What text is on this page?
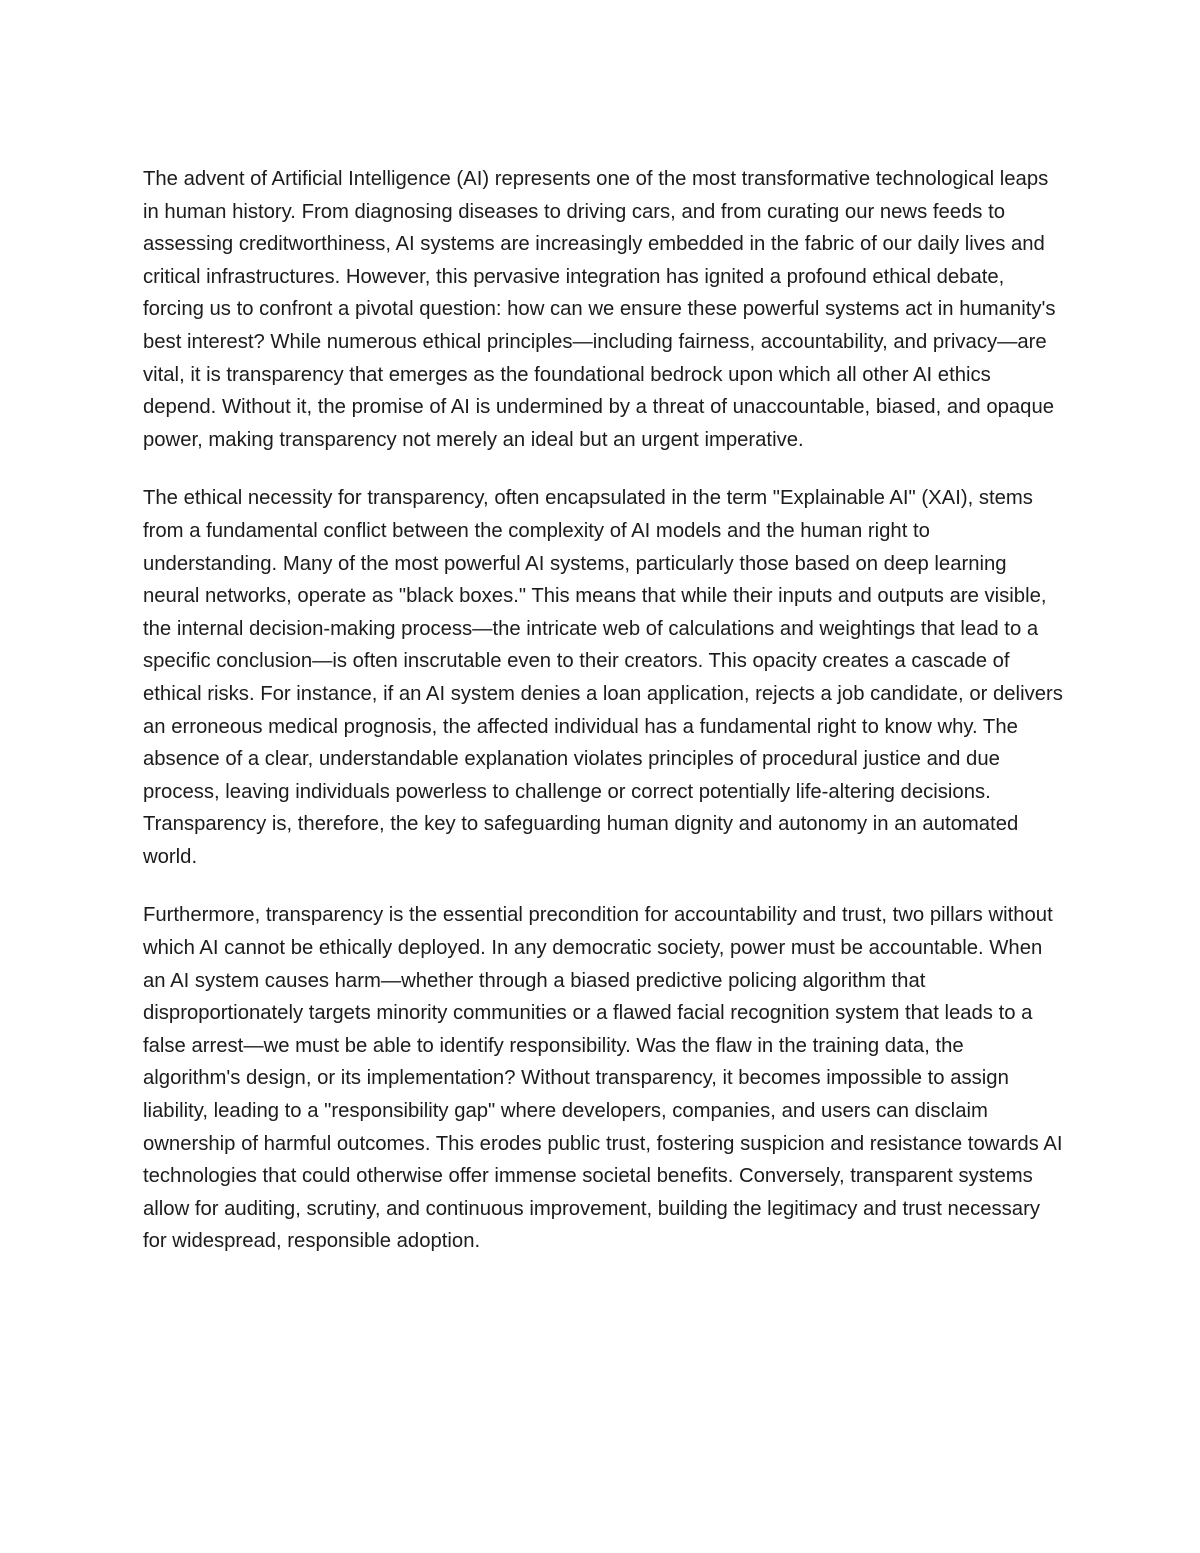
The advent of Artificial Intelligence (AI) represents one of the most transformative technological leaps in human history. From diagnosing diseases to driving cars, and from curating our news feeds to assessing creditworthiness, AI systems are increasingly embedded in the fabric of our daily lives and critical infrastructures. However, this pervasive integration has ignited a profound ethical debate, forcing us to confront a pivotal question: how can we ensure these powerful systems act in humanity's best interest? While numerous ethical principles—including fairness, accountability, and privacy—are vital, it is transparency that emerges as the foundational bedrock upon which all other AI ethics depend. Without it, the promise of AI is undermined by a threat of unaccountable, biased, and opaque power, making transparency not merely an ideal but an urgent imperative.

The ethical necessity for transparency, often encapsulated in the term "Explainable AI" (XAI), stems from a fundamental conflict between the complexity of AI models and the human right to understanding. Many of the most powerful AI systems, particularly those based on deep learning neural networks, operate as "black boxes." This means that while their inputs and outputs are visible, the internal decision-making process—the intricate web of calculations and weightings that lead to a specific conclusion—is often inscrutable even to their creators. This opacity creates a cascade of ethical risks. For instance, if an AI system denies a loan application, rejects a job candidate, or delivers an erroneous medical prognosis, the affected individual has a fundamental right to know why. The absence of a clear, understandable explanation violates principles of procedural justice and due process, leaving individuals powerless to challenge or correct potentially life-altering decisions. Transparency is, therefore, the key to safeguarding human dignity and autonomy in an automated world.

Furthermore, transparency is the essential precondition for accountability and trust, two pillars without which AI cannot be ethically deployed. In any democratic society, power must be accountable. When an AI system causes harm—whether through a biased predictive policing algorithm that disproportionately targets minority communities or a flawed facial recognition system that leads to a false arrest—we must be able to identify responsibility. Was the flaw in the training data, the algorithm's design, or its implementation? Without transparency, it becomes impossible to assign liability, leading to a "responsibility gap" where developers, companies, and users can disclaim ownership of harmful outcomes. This erodes public trust, fostering suspicion and resistance towards AI technologies that could otherwise offer immense societal benefits. Conversely, transparent systems allow for auditing, scrutiny, and continuous improvement, building the legitimacy and trust necessary for widespread, responsible adoption.
